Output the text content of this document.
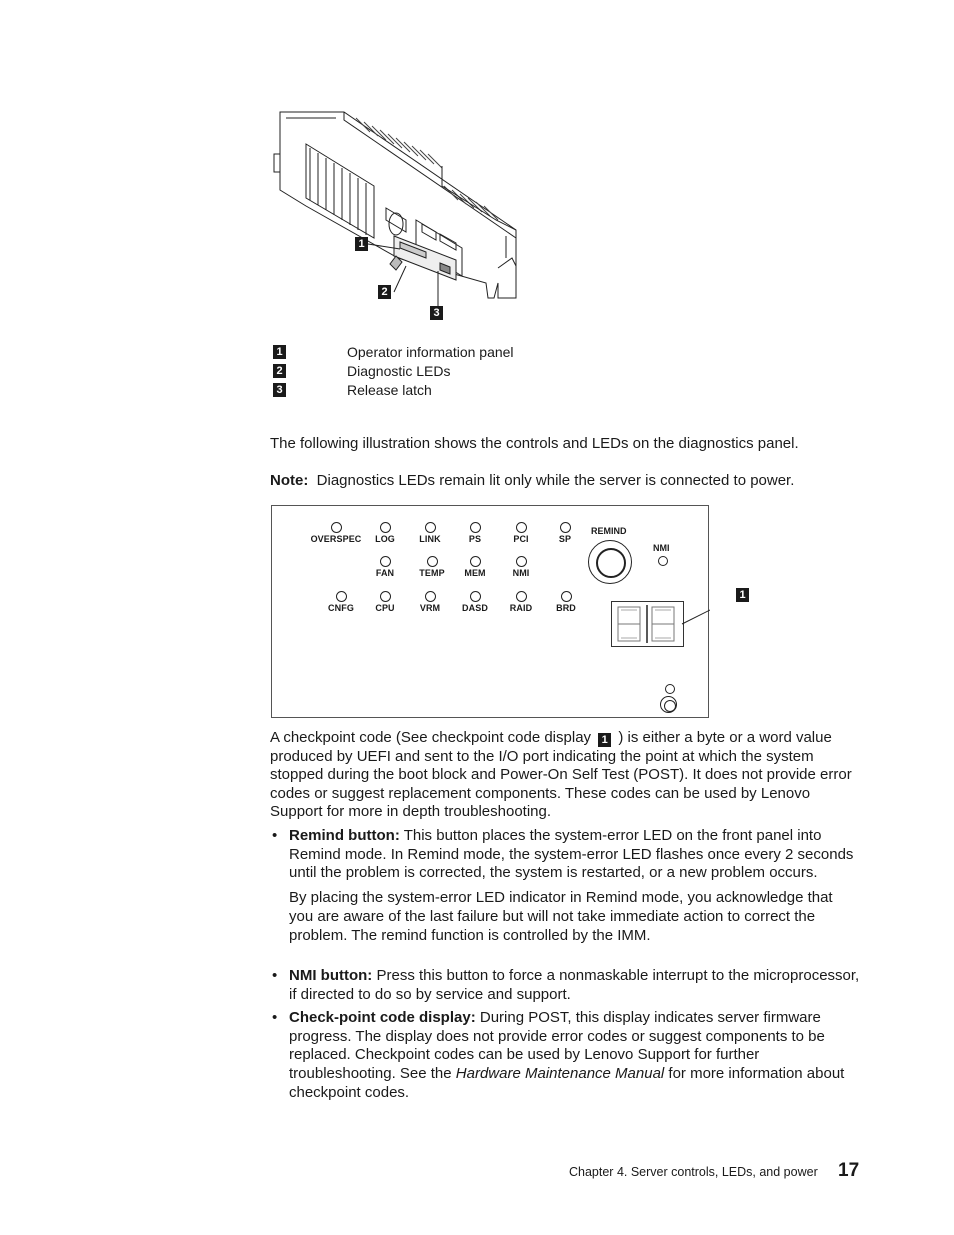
1
2
3
1	Operator information panel
2	Diagnostic LEDs
3	Release latch
The following illustration shows the controls and LEDs on the diagnostics panel.
Note: Diagnostics LEDs remain lit only while the server is connected to power.
OVERSPEC	LOG	LINK	PS	PCI	SP
FAN	TEMP	MEM	NMI
CNFG	CPU	VRM	DASD	RAID	BRD
REMIND
NMI
1
A checkpoint code (See checkpoint code display 1 ) is either a byte or a word value produced by UEFI and sent to the I/O port indicating the point at which the system stopped during the boot block and Power-On Self Test (POST). It does not provide error codes or suggest replacement components. These codes can be used by Lenovo Support for more in depth troubleshooting.
• Remind button: This button places the system-error LED on the front panel into Remind mode. In Remind mode, the system-error LED flashes once every 2 seconds until the problem is corrected, the system is restarted, or a new problem occurs.
By placing the system-error LED indicator in Remind mode, you acknowledge that you are aware of the last failure but will not take immediate action to correct the problem. The remind function is controlled by the IMM.
• NMI button: Press this button to force a nonmaskable interrupt to the microprocessor, if directed to do so by service and support.
• Check-point code display: During POST, this display indicates server firmware progress. The display does not provide error codes or suggest components to be replaced. Checkpoint codes can be used by Lenovo Support for further troubleshooting. See the Hardware Maintenance Manual for more information about checkpoint codes.
Chapter 4. Server controls, LEDs, and power 17
